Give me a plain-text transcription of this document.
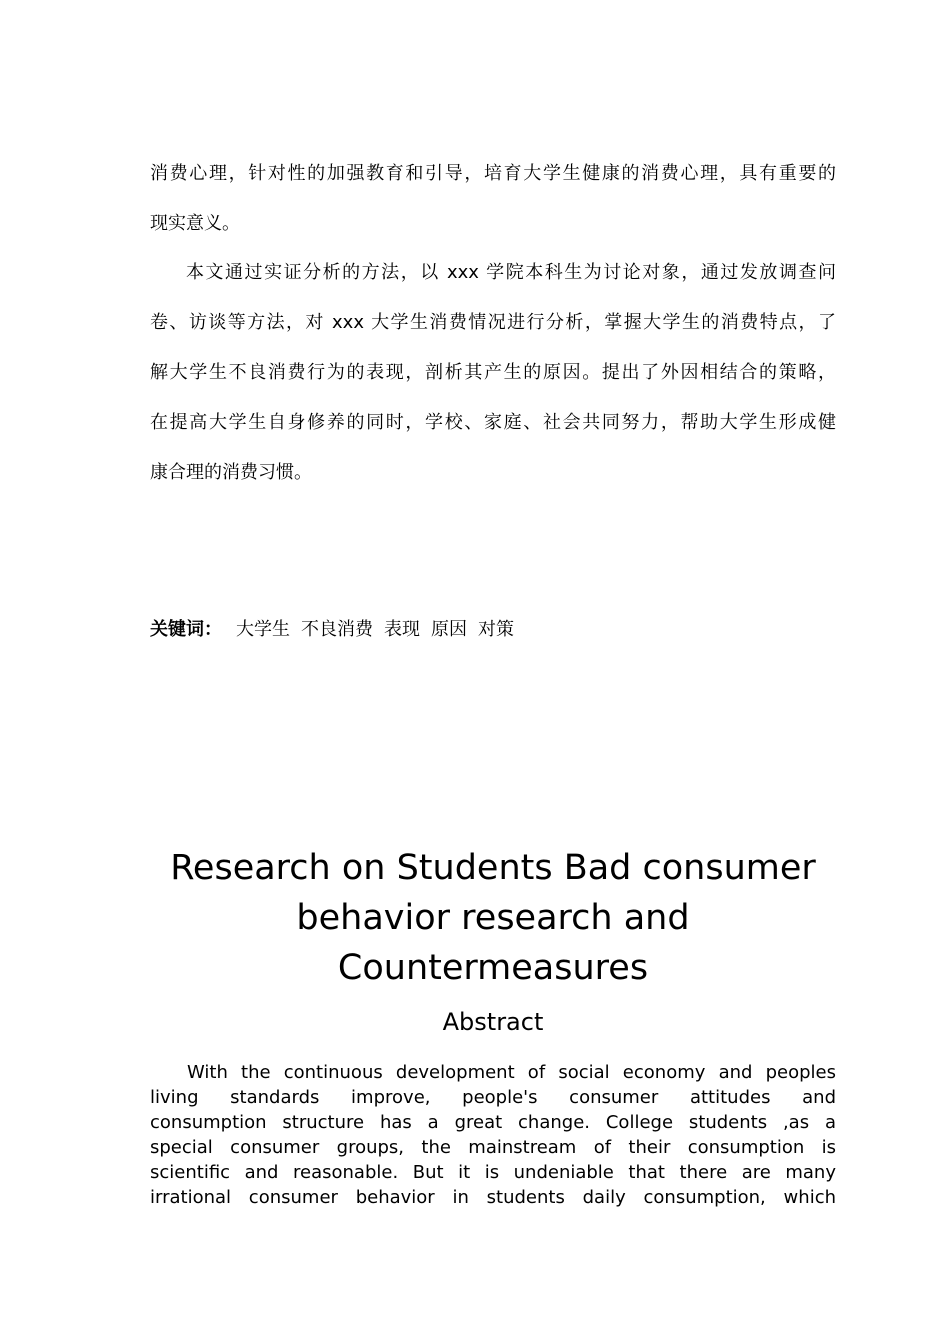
消费心理，针对性的加强教育和引导，培育大学生健康的消费心理，具有重要的
现实意义。
本文通过实证分析的方法，以 xxx 学院本科生为讨论对象，通过发放调查问
卷、访谈等方法，对 xxx 大学生消费情况进行分析，掌握大学生的消费特点，了
解大学生不良消费行为的表现，剖析其产生的原因。提出了外因相结合的策略，
在提高大学生自身修养的同时，学校、家庭、社会共同努力，帮助大学生形成健
康合理的消费习惯。
关键词： 大学生 不良消费 表现 原因 对策
Research on Students Bad consumer
behavior research and
Countermeasures
Abstract
With the continuous development of social economy and peoples
living standards improve, people's consumer attitudes and
consumption structure has a great change. College students ,as a
special consumer groups, the mainstream of their consumption is
scientific and reasonable. But it is undeniable that there are many
irrational consumer behavior in students daily consumption, which
